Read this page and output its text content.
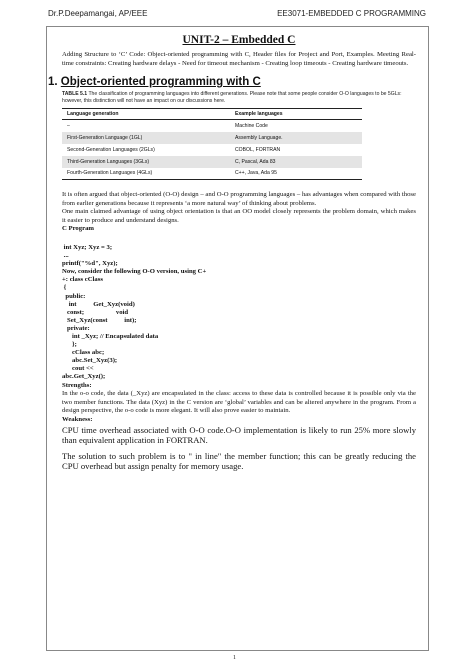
Dr.P.Deepamangai, AP/EEE	EE3071-EMBEDDED C PROGRAMMING
UNIT-2 – Embedded C

Adding Structure to ‘C’ Code: Object-oriented programming with C, Header files for Project and Port, Examples. Meeting Real-time constraints: Creating hardware delays - Need for timeout mechanism - Creating loop timeouts - Creating hardware timeouts.

1. Object-oriented programming with C

TABLE 5.1 The classification of programming languages into different generations. Please note that some people consider O-O languages to be 5GLs: however, this distinction will not have an impact on our discussions here.

Language generation	Example languages
–	Machine Code
First-Generation Language (1GL)	Assembly Language.
Second-Generation Languages (2GLs)	COBOL, FORTRAN
Third-Generation Languages (3GLs)	C, Pascal, Ada 83
Fourth-Generation Languages (4GLs)	C++, Java, Ada 95

It is often argued that object-oriented (O-O) design – and O-O programming languages – has advantages when compared with those from earlier generations because it represents ‘a more natural way’ of thinking about problems.

One main claimed advantage of using object orientation is that an OO model closely represents the problem domain, which makes it easier to produce and understand designs.

C Program

int Xyz; Xyz = 3;

...

printf("%d", Xyz);

Now, consider the following O-O version, using C+

+: class cClass

{

public:

int          Get_Xyz(void)

const;                   void

Set_Xyz(const          int);

private:

int _Xyz; // Encapsulated data

};

cClass abc;

abc.Set_Xyz(3);

cout <<

abc.Get_Xyz();

Strengths:

In the o-o code, the data (_Xyz) are encapsulated in the class: access to these data is controlled because it is possible only via the two member functions. The data (Xyz) in the C version are ‘global’ variables and can be altered anywhere in the program. From a design perspective, the o-o code is more elegant. It will also prove easier to maintain.

Weakness:

CPU time overhead associated with O-O code.O-O implementation is likely to run 25% more slowly than equivalent application in FORTRAN.

The solution to such problem is to " in line" the member function; this can be greatly reducing the CPU overhead but assign penalty for memory usage.

1
